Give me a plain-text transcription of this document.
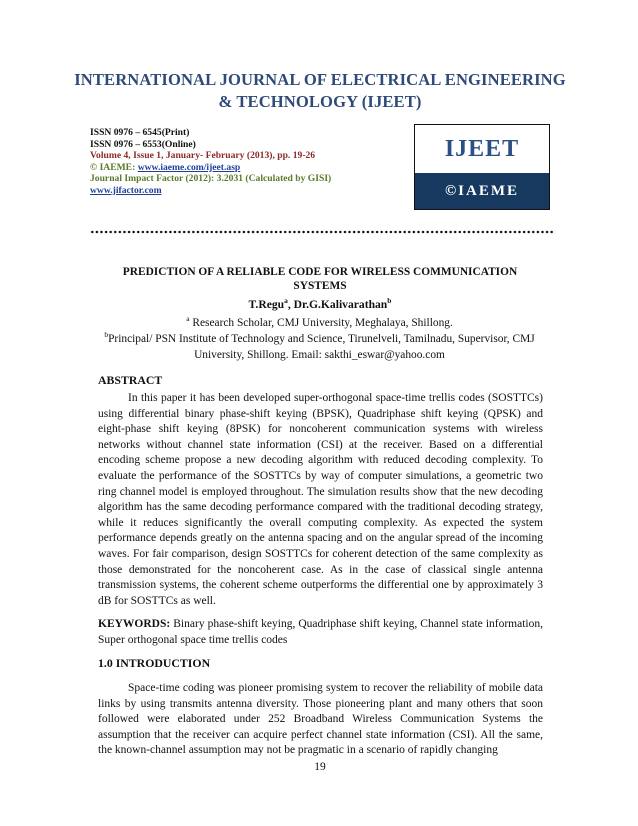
INTERNATIONAL JOURNAL OF ELECTRICAL ENGINEERING
& TECHNOLOGY (IJEET)
ISSN 0976 – 6545(Print)
ISSN 0976 – 6553(Online)
Volume 4, Issue 1, January- February (2013), pp. 19-26
© IAEME: www.iaeme.com/ijeet.asp
Journal Impact Factor (2012): 3.2031 (Calculated by GISI)
www.jifactor.com
IJEET
©IAEME
PREDICTION OF A RELIABLE CODE FOR WIRELESS COMMUNICATION SYSTEMS
T.Regu$^a$, Dr.G.Kalivarathan$^b$
$^a$ Research Scholar, CMJ University, Meghalaya, Shillong.
$^b$Principal/ PSN Institute of Technology and Science, Tirunelveli, Tamilnadu, Supervisor, CMJ University, Shillong. Email: sakthi_eswar@yahoo.com
ABSTRACT

In this paper it has been developed super-orthogonal space-time trellis codes (SOSTTCs) using differential binary phase-shift keying (BPSK), Quadriphase shift keying (QPSK) and eight-phase shift keying (8PSK) for noncoherent communication systems with wireless networks without channel state information (CSI) at the receiver. Based on a differential encoding scheme propose a new decoding algorithm with reduced decoding complexity. To evaluate the performance of the SOSTTCs by way of computer simulations, a geometric two ring channel model is employed throughout. The simulation results show that the new decoding algorithm has the same decoding performance compared with the traditional decoding strategy, while it reduces significantly the overall computing complexity. As expected the system performance depends greatly on the antenna spacing and on the angular spread of the incoming waves. For fair comparison, design SOSTTCs for coherent detection of the same complexity as those demonstrated for the noncoherent case. As in the case of classical single antenna transmission systems, the coherent scheme outperforms the differential one by approximately 3 dB for SOSTTCs as well.

KEYWORDS: Binary phase-shift keying, Quadriphase shift keying, Channel state information, Super orthogonal space time trellis codes
1.0 INTRODUCTION

Space-time coding was pioneer promising system to recover the reliability of mobile data links by using transmits antenna diversity. Those pioneering plant and many others that soon followed were elaborated under 252 Broadband Wireless Communication Systems the assumption that the receiver can acquire perfect channel state information (CSI). All the same, the known-channel assumption may not be pragmatic in a scenario of rapidly changing

19
